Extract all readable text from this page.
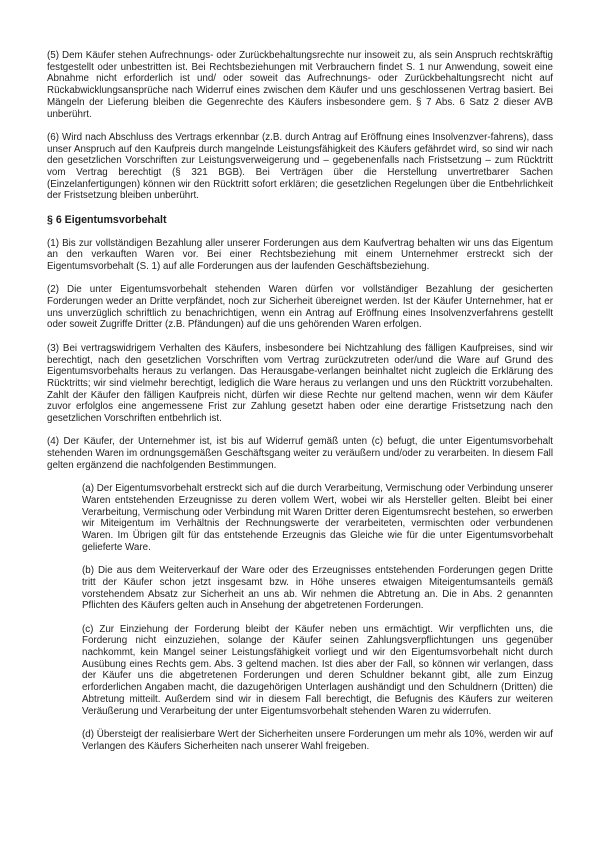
(5) Dem Käufer stehen Aufrechnungs- oder Zurückbehaltungsrechte nur insoweit zu, als sein Anspruch rechtskräftig festgestellt oder unbestritten ist. Bei Rechtsbeziehungen mit Verbrauchern findet S. 1 nur Anwendung, soweit eine Abnahme nicht erforderlich ist und/ oder soweit das Aufrechnungs- oder Zurückbehaltungsrecht nicht auf Rückabwicklungsansprüche nach Widerruf eines zwischen dem Käufer und uns geschlossenen Vertrag basiert. Bei Mängeln der Lieferung bleiben die Gegenrechte des Käufers insbesondere gem. § 7 Abs. 6 Satz 2 dieser AVB unberührt.

(6) Wird nach Abschluss des Vertrags erkennbar (z.B. durch Antrag auf Eröffnung eines Insolvenzver-fahrens), dass unser Anspruch auf den Kaufpreis durch mangelnde Leistungsfähigkeit des Käufers gefährdet wird, so sind wir nach den gesetzlichen Vorschriften zur Leistungsverweigerung und – gegebenenfalls nach Fristsetzung – zum Rücktritt vom Vertrag berechtigt (§ 321 BGB). Bei Verträgen über die Herstellung unvertretbarer Sachen (Einzelanfertigungen) können wir den Rücktritt sofort erklären; die gesetzlichen Regelungen über die Entbehrlichkeit der Fristsetzung bleiben unberührt.

§ 6 Eigentumsvorbehalt

(1) Bis zur vollständigen Bezahlung aller unserer Forderungen aus dem Kaufvertrag behalten wir uns das Eigentum an den verkauften Waren vor. Bei einer Rechtsbeziehung mit einem Unternehmer erstreckt sich der Eigentumsvorbehalt (S. 1) auf alle Forderungen aus der laufenden Geschäftsbeziehung.

(2) Die unter Eigentumsvorbehalt stehenden Waren dürfen vor vollständiger Bezahlung der gesicherten Forderungen weder an Dritte verpfändet, noch zur Sicherheit übereignet werden. Ist der Käufer Unternehmer, hat er uns unverzüglich schriftlich zu benachrichtigen, wenn ein Antrag auf Eröffnung eines Insolvenzverfahrens gestellt oder soweit Zugriffe Dritter (z.B. Pfändungen) auf die uns gehörenden Waren erfolgen.

(3) Bei vertragswidrigem Verhalten des Käufers, insbesondere bei Nichtzahlung des fälligen Kaufpreises, sind wir berechtigt, nach den gesetzlichen Vorschriften vom Vertrag zurückzutreten oder/und die Ware auf Grund des Eigentumsvorbehalts heraus zu verlangen. Das Herausgabe-verlangen beinhaltet nicht zugleich die Erklärung des Rücktritts; wir sind vielmehr berechtigt, lediglich die Ware heraus zu verlangen und uns den Rücktritt vorzubehalten. Zahlt der Käufer den fälligen Kaufpreis nicht, dürfen wir diese Rechte nur geltend machen, wenn wir dem Käufer zuvor erfolglos eine angemessene Frist zur Zahlung gesetzt haben oder eine derartige Fristsetzung nach den gesetzlichen Vorschriften entbehrlich ist.

(4) Der Käufer, der Unternehmer ist, ist bis auf Widerruf gemäß unten (c) befugt, die unter Eigentumsvorbehalt stehenden Waren im ordnungsgemäßen Geschäftsgang weiter zu veräußern und/oder zu verarbeiten. In diesem Fall gelten ergänzend die nachfolgenden Bestimmungen.

(a) Der Eigentumsvorbehalt erstreckt sich auf die durch Verarbeitung, Vermischung oder Verbindung unserer Waren entstehenden Erzeugnisse zu deren vollem Wert, wobei wir als Hersteller gelten. Bleibt bei einer Verarbeitung, Vermischung oder Verbindung mit Waren Dritter deren Eigentumsrecht bestehen, so erwerben wir Miteigentum im Verhältnis der Rechnungswerte der verarbeiteten, vermischten oder verbundenen Waren. Im Übrigen gilt für das entstehende Erzeugnis das Gleiche wie für die unter Eigentumsvorbehalt gelieferte Ware.

(b) Die aus dem Weiterverkauf der Ware oder des Erzeugnisses entstehenden Forderungen gegen Dritte tritt der Käufer schon jetzt insgesamt bzw. in Höhe unseres etwaigen Miteigentumsanteils gemäß vorstehendem Absatz zur Sicherheit an uns ab. Wir nehmen die Abtretung an. Die in Abs. 2 genannten Pflichten des Käufers gelten auch in Ansehung der abgetretenen Forderungen.

(c) Zur Einziehung der Forderung bleibt der Käufer neben uns ermächtigt. Wir verpflichten uns, die Forderung nicht einzuziehen, solange der Käufer seinen Zahlungsverpflichtungen uns gegenüber nachkommt, kein Mangel seiner Leistungsfähigkeit vorliegt und wir den Eigentumsvorbehalt nicht durch Ausübung eines Rechts gem. Abs. 3 geltend machen. Ist dies aber der Fall, so können wir verlangen, dass der Käufer uns die abgetretenen Forderungen und deren Schuldner bekannt gibt, alle zum Einzug erforderlichen Angaben macht, die dazugehörigen Unterlagen aushändigt und den Schuldnern (Dritten) die Abtretung mitteilt. Außerdem sind wir in diesem Fall berechtigt, die Befugnis des Käufers zur weiteren Veräußerung und Verarbeitung der unter Eigentumsvorbehalt stehenden Waren zu widerrufen.

(d) Übersteigt der realisierbare Wert der Sicherheiten unsere Forderungen um mehr als 10%, werden wir auf Verlangen des Käufers Sicherheiten nach unserer Wahl freigeben.
